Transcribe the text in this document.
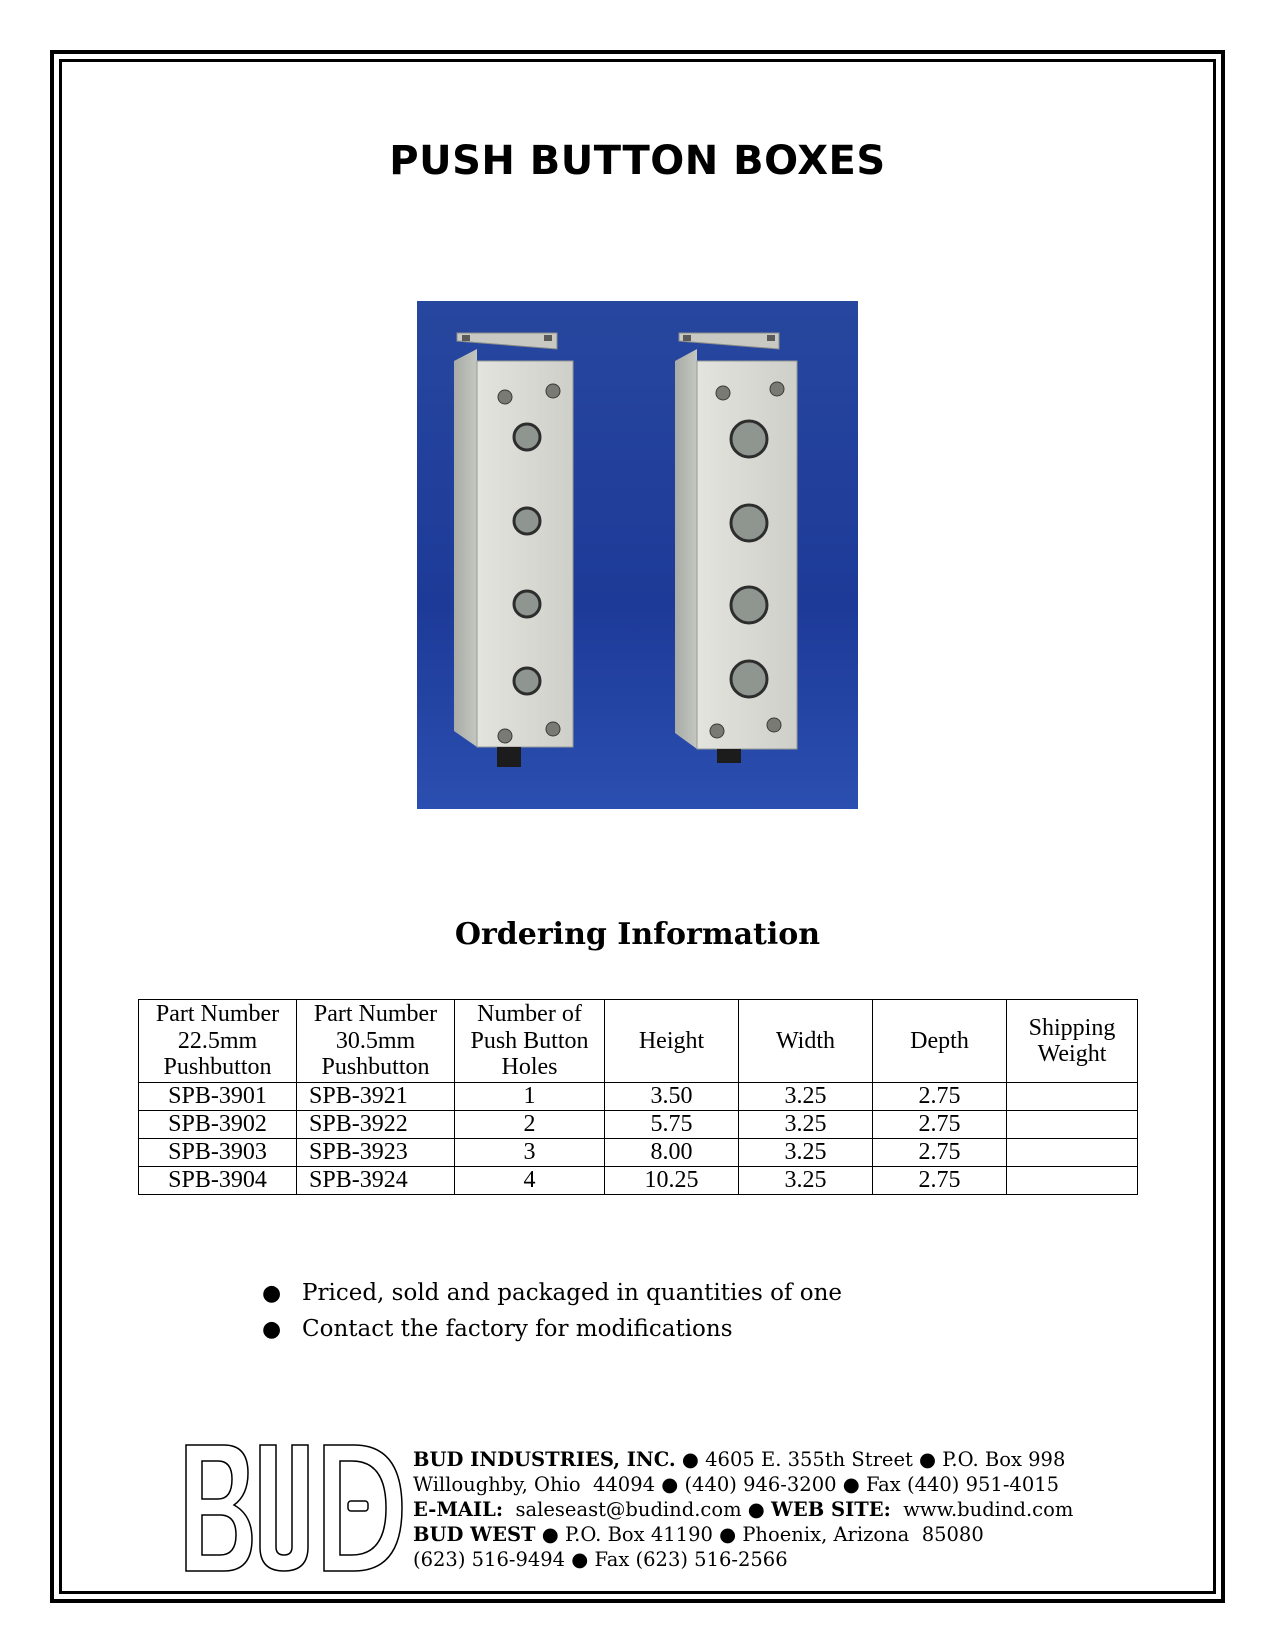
PUSH BUTTON BOXES
Ordering Information
Part Number 22.5mm Pushbutton	Part Number 30.5mm Pushbutton	Number of Push Button Holes	Height	Width	Depth	Shipping Weight
SPB-3901	SPB-3921	1	3.50	3.25	2.75	
SPB-3902	SPB-3922	2	5.75	3.25	2.75	
SPB-3903	SPB-3923	3	8.00	3.25	2.75	
SPB-3904	SPB-3924	4	10.25	3.25	2.75	
● Priced, sold and packaged in quantities of one
● Contact the factory for modifications
BUD INDUSTRIES, INC. ● 4605 E. 355th Street ● P.O. Box 998
Willoughby, Ohio  44094 ● (440) 946-3200 ● Fax (440) 951-4015
E-MAIL: saleseast@budind.com ● WEB SITE: www.budind.com
BUD WEST ● P.O. Box 41190 ● Phoenix, Arizona  85080
(623) 516-9494 ● Fax (623) 516-2566
